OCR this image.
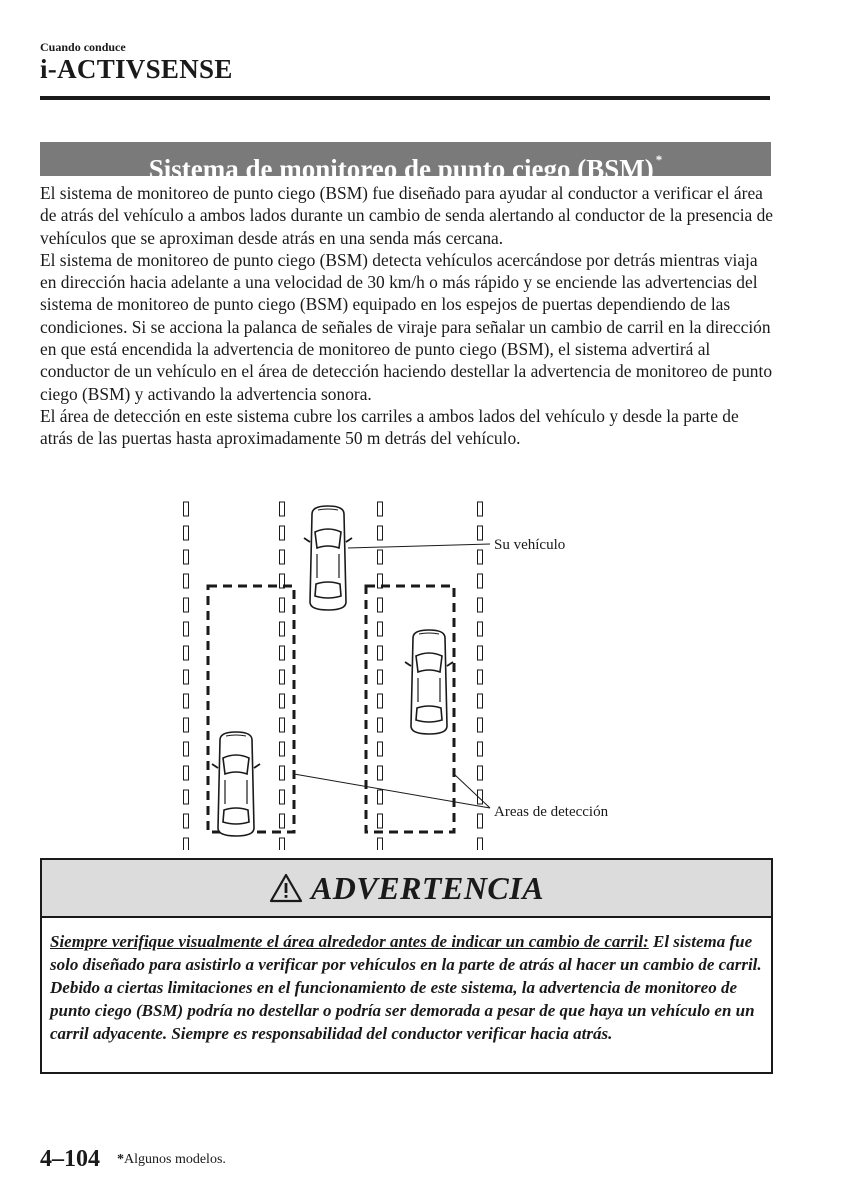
Cuando conduce
i-ACTIVSENSE
Sistema de monitoreo de punto ciego (BSM) *

El sistema de monitoreo de punto ciego (BSM) fue diseñado para ayudar al conductor a verificar el área de atrás del vehículo a ambos lados durante un cambio de senda alertando al conductor de la presencia de vehículos que se aproximan desde atrás en una senda más cercana.

El sistema de monitoreo de punto ciego (BSM) detecta vehículos acercándose por detrás mientras viaja en dirección hacia adelante a una velocidad de 30 km/h o más rápido y se enciende las advertencias del sistema de monitoreo de punto ciego (BSM) equipado en los espejos de puertas dependiendo de las condiciones. Si se acciona la palanca de señales de viraje para señalar un cambio de carril en la dirección en que está encendida la advertencia de monitoreo de punto ciego (BSM), el sistema advertirá al conductor de un vehículo en el área de detección haciendo destellar la advertencia de monitoreo de punto ciego (BSM) y activando la advertencia sonora.

El área de detección en este sistema cubre los carriles a ambos lados del vehículo y desde la parte de atrás de las puertas hasta aproximadamente 50 m detrás del vehículo.

Su vehículo
Areas de detección
ADVERTENCIA
Siempre verifique visualmente el área alrededor antes de indicar un cambio de carril: El sistema fue solo diseñado para asistirlo a verificar por vehículos en la parte de atrás al hacer un cambio de carril. Debido a ciertas limitaciones en el funcionamiento de este sistema, la advertencia de monitoreo de punto ciego (BSM) podría no destellar o podría ser demorada a pesar de que haya un vehículo en un carril adyacente. Siempre es responsabilidad del conductor verificar hacia atrás.
4–104 *Algunos modelos.
